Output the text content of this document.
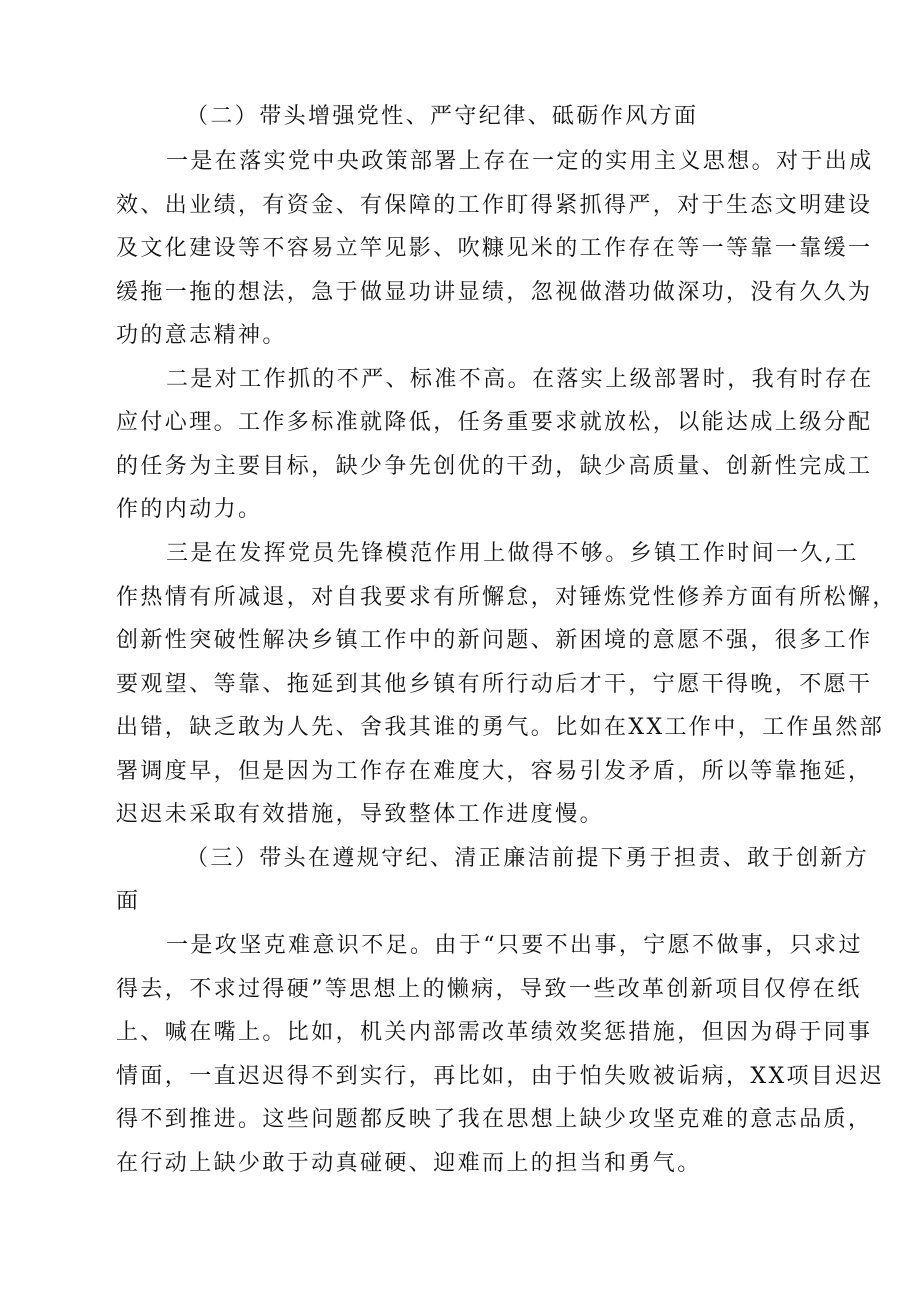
（二）带头增强党性、严守纪律、砥砺作风方面
一是在落实党中央政策部署上存在一定的实用主义思想。对于出成
效、出业绩，有资金、有保障的工作盯得紧抓得严，对于生态文明建设
及文化建设等不容易立竿见影、吹糠见米的工作存在等一等靠一靠缓一
缓拖一拖的想法，急于做显功讲显绩，忽视做潜功做深功，没有久久为
功的意志精神。
二是对工作抓的不严、标准不高。在落实上级部署时，我有时存在
应付心理。工作多标准就降低，任务重要求就放松，以能达成上级分配
的任务为主要目标，缺少争先创优的干劲，缺少高质量、创新性完成工
作的内动力。
三是在发挥党员先锋模范作用上做得不够。乡镇工作时间一久,工
作热情有所减退，对自我要求有所懈怠，对锤炼党性修养方面有所松懈，
创新性突破性解决乡镇工作中的新问题、新困境的意愿不强，很多工作
要观望、等靠、拖延到其他乡镇有所行动后才干，宁愿干得晚，不愿干
出错，缺乏敢为人先、舍我其谁的勇气。比如在XX工作中，工作虽然部
署调度早，但是因为工作存在难度大，容易引发矛盾，所以等靠拖延，
迟迟未采取有效措施，导致整体工作进度慢。
（三）带头在遵规守纪、清正廉洁前提下勇于担责、敢于创新方
面
一是攻坚克难意识不足。由于“只要不出事，宁愿不做事，只求过
得去，不求过得硬”等思想上的懒病，导致一些改革创新项目仅停在纸
上、喊在嘴上。比如，机关内部需改革绩效奖惩措施，但因为碍于同事
情面，一直迟迟得不到实行，再比如，由于怕失败被诟病，XX项目迟迟
得不到推进。这些问题都反映了我在思想上缺少攻坚克难的意志品质，
在行动上缺少敢于动真碰硬、迎难而上的担当和勇气。
